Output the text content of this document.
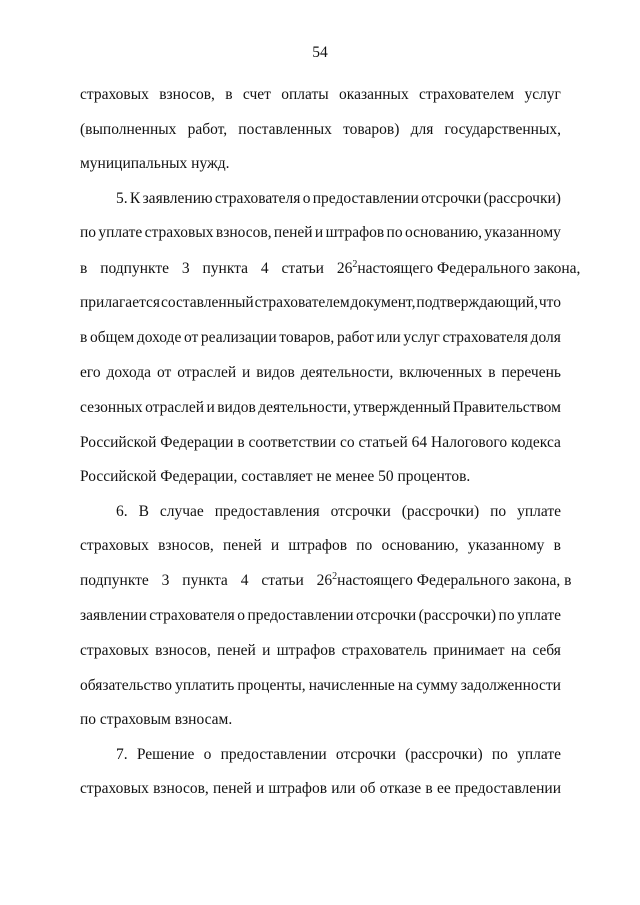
54
страховых взносов, в счет оплаты оказанных страхователем услуг
(выполненных работ, поставленных товаров) для государственных,
муниципальных нужд.
5. К заявлению страхователя о предоставлении отсрочки (рассрочки)
по уплате страховых взносов, пеней и штрафов по основанию, указанному
в подпункте 3 пункта 4 статьи $26^2$ настоящего Федерального закона,
прилагается составленный страхователем документ, подтверждающий, что
в общем доходе от реализации товаров, работ или услуг страхователя доля
его дохода от отраслей и видов деятельности, включенных в перечень
сезонных отраслей и видов деятельности, утвержденный Правительством
Российской Федерации в соответствии со статьей 64 Налогового кодекса
Российской Федерации, составляет не менее 50 процентов.
6. В случае предоставления отсрочки (рассрочки) по уплате
страховых взносов, пеней и штрафов по основанию, указанному в
подпункте 3 пункта 4 статьи $26^2$ настоящего Федерального закона, в
заявлении страхователя о предоставлении отсрочки (рассрочки) по уплате
страховых взносов, пеней и штрафов страхователь принимает на себя
обязательство уплатить проценты, начисленные на сумму задолженности
по страховым взносам.
7. Решение о предоставлении отсрочки (рассрочки) по уплате
страховых взносов, пеней и штрафов или об отказе в ее предоставлении
